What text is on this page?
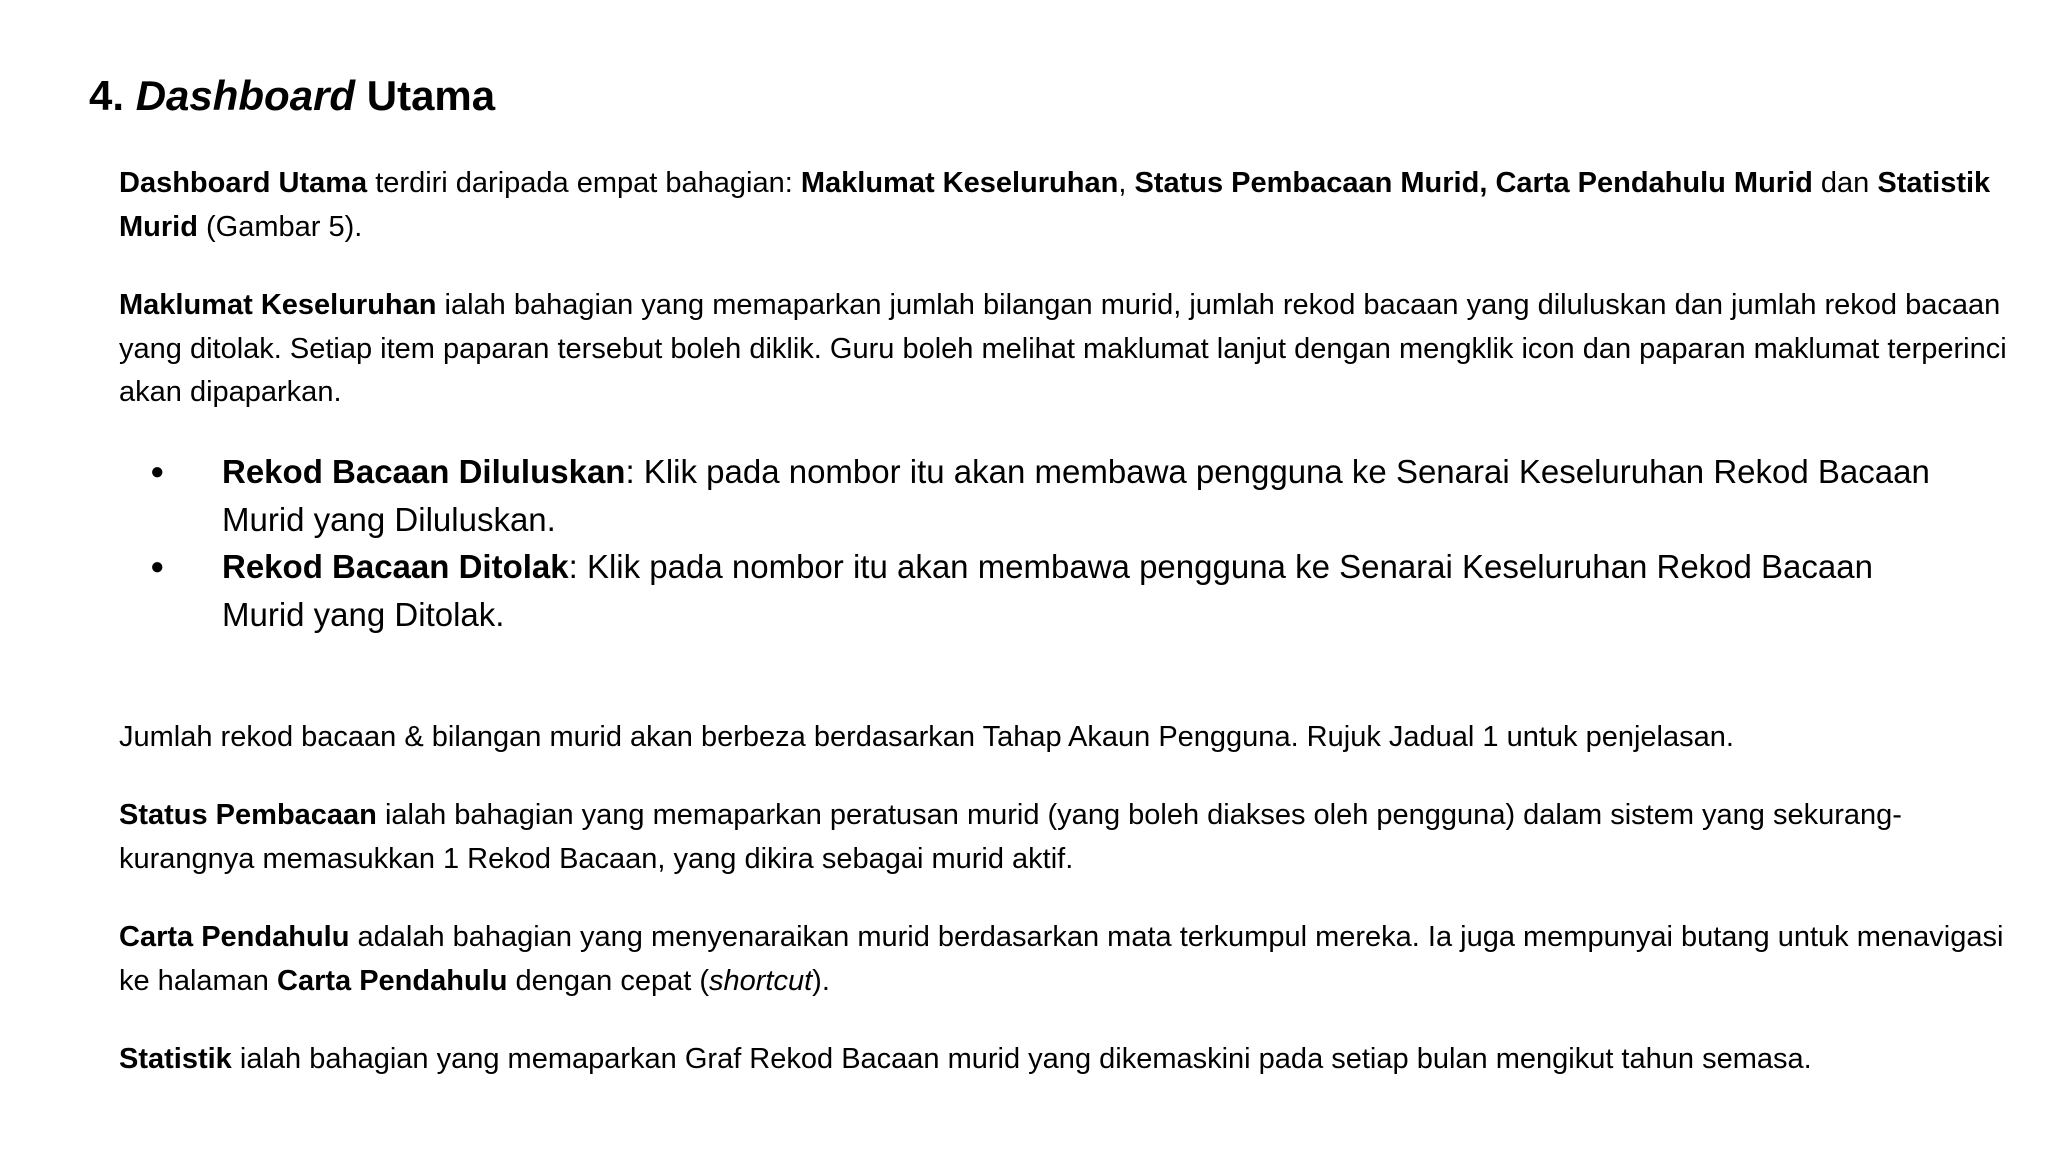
4. Dashboard Utama

Dashboard Utama terdiri daripada empat bahagian: Maklumat Keseluruhan, Status Pembacaan Murid, Carta Pendahulu Murid dan Statistik Murid (Gambar 5).

Maklumat Keseluruhan ialah bahagian yang memaparkan jumlah bilangan murid, jumlah rekod bacaan yang diluluskan dan jumlah rekod bacaan yang ditolak. Setiap item paparan tersebut boleh diklik. Guru boleh melihat maklumat lanjut dengan mengklik icon dan paparan maklumat terperinci akan dipaparkan.

● Rekod Bacaan Diluluskan: Klik pada nombor itu akan membawa pengguna ke Senarai Keseluruhan Rekod Bacaan Murid yang Diluluskan.
● Rekod Bacaan Ditolak: Klik pada nombor itu akan membawa pengguna ke Senarai Keseluruhan Rekod Bacaan Murid yang Ditolak.

Jumlah rekod bacaan & bilangan murid akan berbeza berdasarkan Tahap Akaun Pengguna. Rujuk Jadual 1 untuk penjelasan.

Status Pembacaan ialah bahagian yang memaparkan peratusan murid (yang boleh diakses oleh pengguna) dalam sistem yang sekurang-kurangnya memasukkan 1 Rekod Bacaan, yang dikira sebagai murid aktif.

Carta Pendahulu adalah bahagian yang menyenaraikan murid berdasarkan mata terkumpul mereka. Ia juga mempunyai butang untuk menavigasi ke halaman Carta Pendahulu dengan cepat (shortcut).

Statistik ialah bahagian yang memaparkan Graf Rekod Bacaan murid yang dikemaskini pada setiap bulan mengikut tahun semasa.
